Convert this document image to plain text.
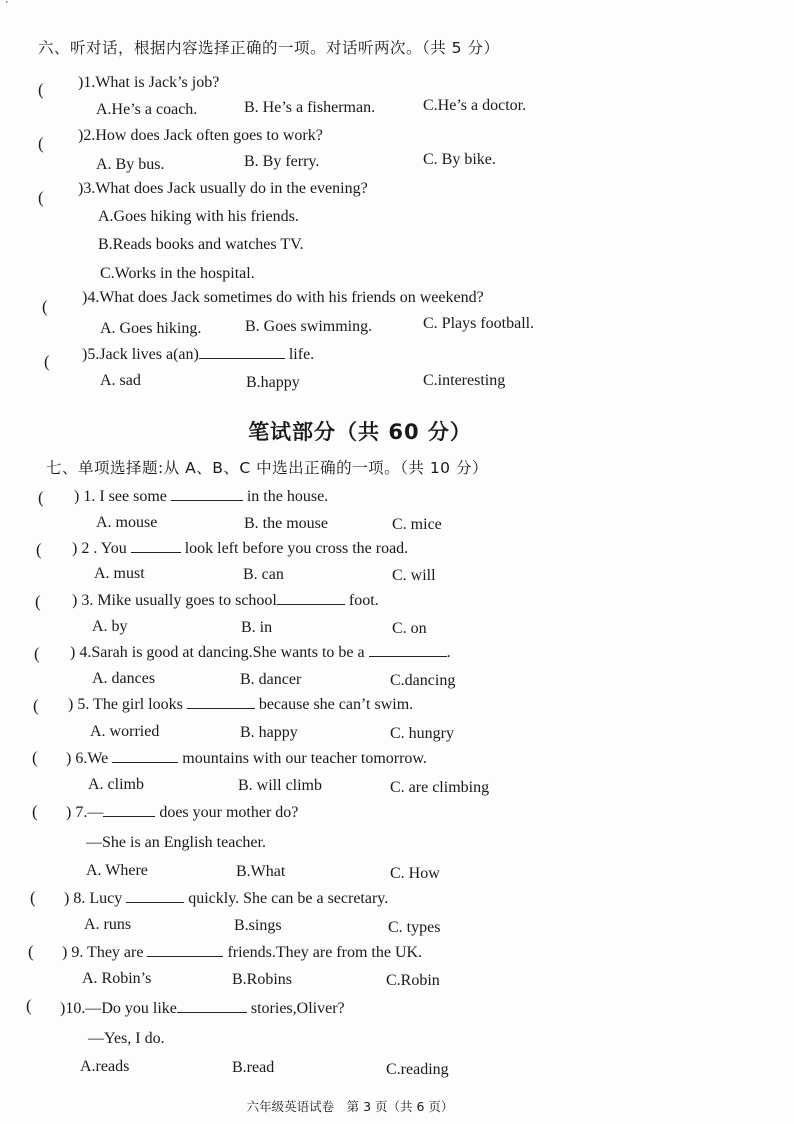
'
六、听对话，根据内容选择正确的一项。对话听两次。（共 5 分）
( )1.What is Jack’s job?
A.He’s a coach.	B. He’s a fisherman.	C.He’s a doctor.
( )2.How does Jack often goes to work?
A. By bus.	B. By ferry.	C. By bike.
( )3.What does Jack usually do in the evening?
A.Goes hiking with his friends.
B.Reads books and watches TV.
C.Works in the hospital.
( )4.What does Jack sometimes do with his friends on weekend?
A. Goes hiking.	B. Goes swimming.	C. Plays football.
( )5.Jack lives a(an)	life.
A. sad	B.happy	C.interesting
笔试部分（共 60 分）
七、单项选择题:从 A、B、C 中选出正确的一项。（共 10 分）
( ) 1. I see some	in the house.
A. mouse	B. the mouse	C. mice
( ) 2 . You	look left before you cross the road.
A. must	B. can	C. will
( ) 3. Mike usually goes to school	foot.
A. by	B. in	C. on
( ) 4.Sarah is good at dancing.She wants to be a	.
A. dances	B. dancer	C.dancing
( ) 5. The girl looks	because she can’t swim.
A. worried	B. happy	C. hungry
( ) 6.We	mountains with our teacher tomorrow.
A. climb	B. will climb	C. are climbing
( ) 7.—	does your mother do?
—She is an English teacher.
A. Where	B.What	C. How
( ) 8. Lucy	quickly. She can be a secretary.
A. runs	B.sings	C. types
( ) 9. They are	friends.They are from the UK.
A. Robin’s	B.Robins	C.Robin
( )10.—Do you like	stories,Oliver?
—Yes, I do.
A.reads	B.read	C.reading
六年级英语试卷　第 3 页（共 6 页）
